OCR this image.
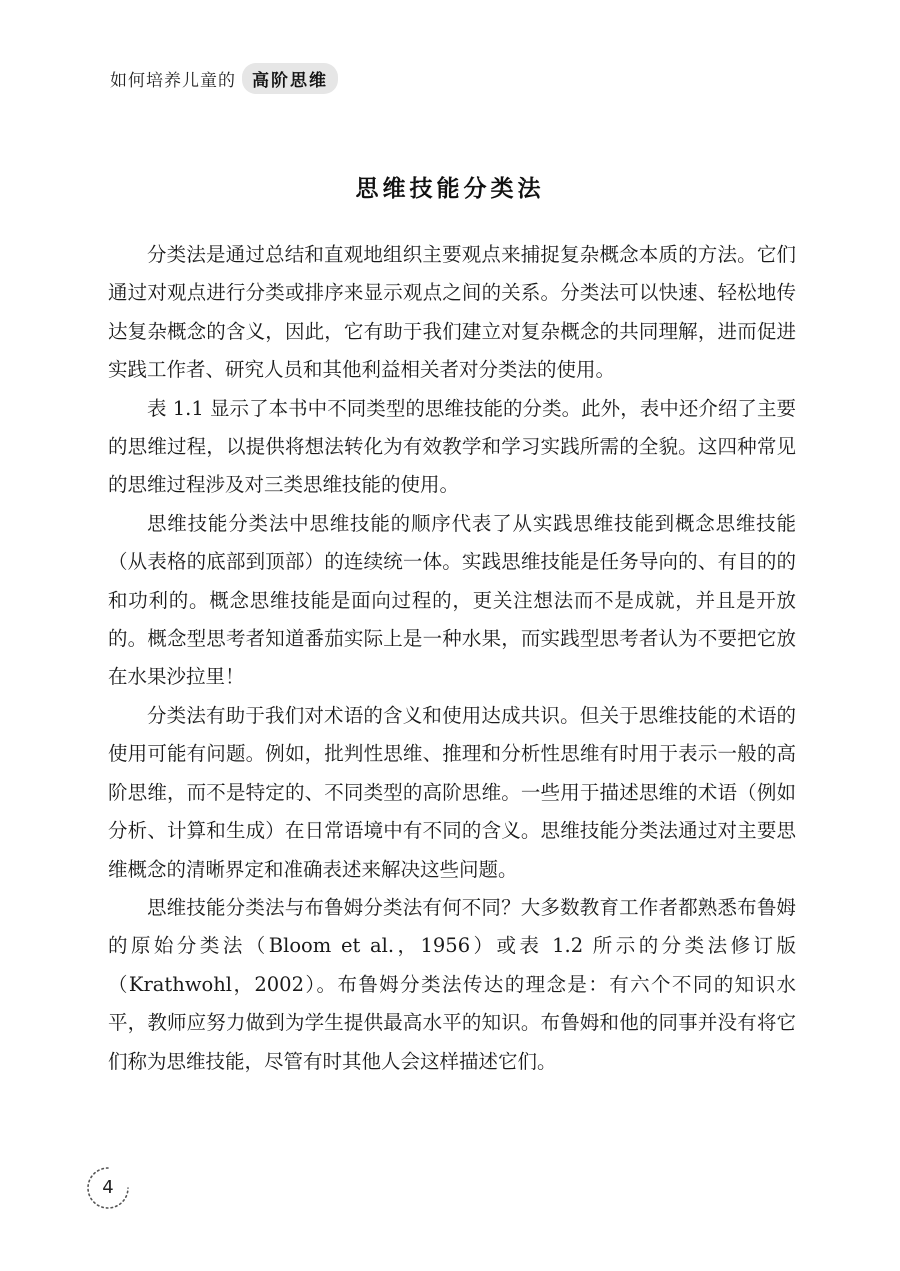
如何培养儿童的 高阶思维
思维技能分类法

分类法是通过总结和直观地组织主要观点来捕捉复杂概念本质的方法。它们通过对观点进行分类或排序来显示观点之间的关系。分类法可以快速、轻松地传达复杂概念的含义，因此，它有助于我们建立对复杂概念的共同理解，进而促进实践工作者、研究人员和其他利益相关者对分类法的使用。

表 1.1 显示了本书中不同类型的思维技能的分类。此外，表中还介绍了主要的思维过程，以提供将想法转化为有效教学和学习实践所需的全貌。这四种常见的思维过程涉及对三类思维技能的使用。

思维技能分类法中思维技能的顺序代表了从实践思维技能到概念思维技能（从表格的底部到顶部）的连续统一体。实践思维技能是任务导向的、有目的的和功利的。概念思维技能是面向过程的，更关注想法而不是成就，并且是开放的。概念型思考者知道番茄实际上是一种水果，而实践型思考者认为不要把它放在水果沙拉里！

分类法有助于我们对术语的含义和使用达成共识。但关于思维技能的术语的使用可能有问题。例如，批判性思维、推理和分析性思维有时用于表示一般的高阶思维，而不是特定的、不同类型的高阶思维。一些用于描述思维的术语（例如分析、计算和生成）在日常语境中有不同的含义。思维技能分类法通过对主要思维概念的清晰界定和准确表述来解决这些问题。

思维技能分类法与布鲁姆分类法有何不同？大多数教育工作者都熟悉布鲁姆的原始分类法（Bloom et al.，1956）或表 1.2 所示的分类法修订版（Krathwohl，2002）。布鲁姆分类法传达的理念是：有六个不同的知识水平，教师应努力做到为学生提供最高水平的知识。布鲁姆和他的同事并没有将它们称为思维技能，尽管有时其他人会这样描述它们。

4
